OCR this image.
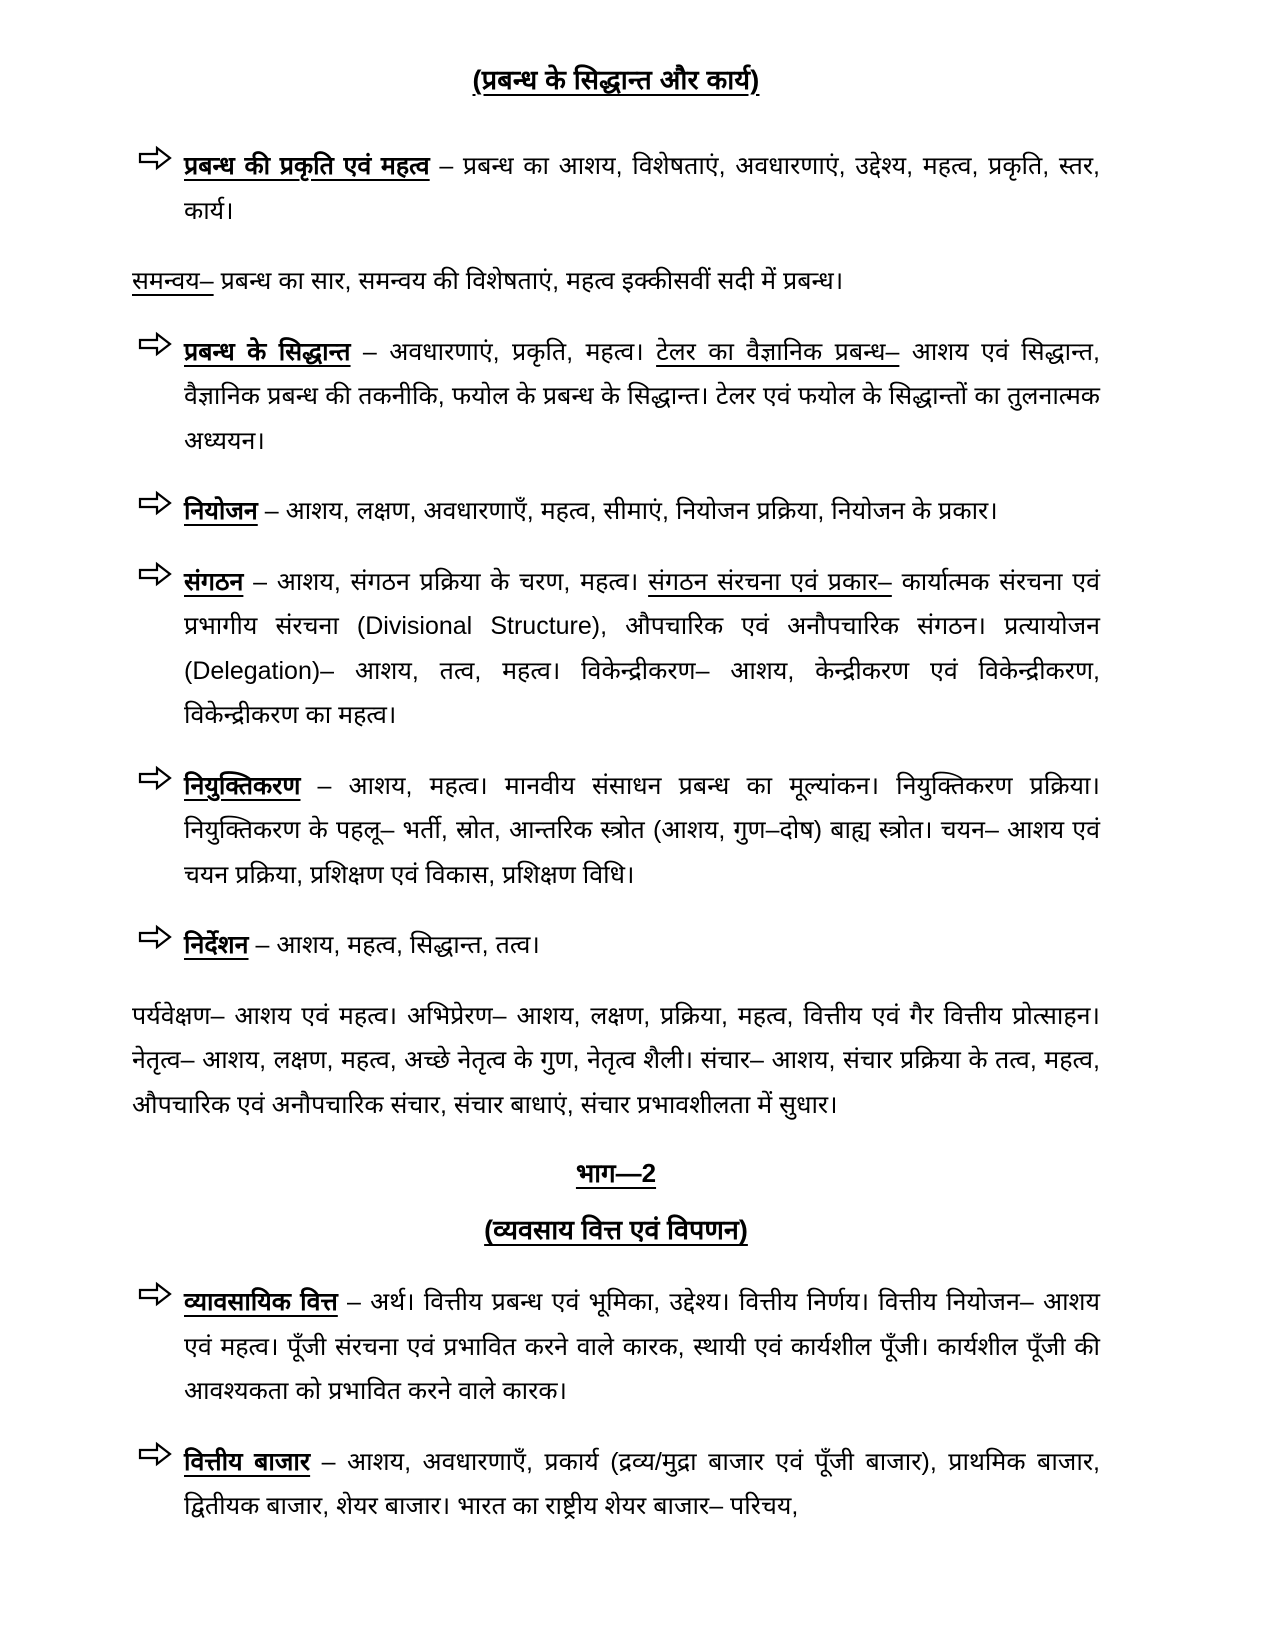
(प्रबन्ध के सिद्धान्त और कार्य)

प्रबन्ध की प्रकृति एवं महत्व – प्रबन्ध का आशय, विशेषताएं, अवधारणाएं, उद्देश्य, महत्व, प्रकृति, स्तर, कार्य।

समन्वय– प्रबन्ध का सार, समन्वय की विशेषताएं, महत्व इक्कीसवीं सदी में प्रबन्ध।

प्रबन्ध के सिद्धान्त – अवधारणाएं, प्रकृति, महत्व। टेलर का वैज्ञानिक प्रबन्ध– आशय एवं सिद्धान्त, वैज्ञानिक प्रबन्ध की तकनीकि, फयोल के प्रबन्ध के सिद्धान्त। टेलर एवं फयोल के सिद्धान्तों का तुलनात्मक अध्ययन।

नियोजन – आशय, लक्षण, अवधारणाएँ, महत्व, सीमाएं, नियोजन प्रक्रिया, नियोजन के प्रकार।

संगठन – आशय, संगठन प्रक्रिया के चरण, महत्व। संगठन संरचना एवं प्रकार– कार्यात्मक संरचना एवं प्रभागीय संरचना (Divisional Structure), औपचारिक एवं अनौपचारिक संगठन। प्रत्यायोजन (Delegation)– आशय, तत्व, महत्व। विकेन्द्रीकरण– आशय, केन्द्रीकरण एवं विकेन्द्रीकरण, विकेन्द्रीकरण का महत्व।

नियुक्तिकरण – आशय, महत्व। मानवीय संसाधन प्रबन्ध का मूल्यांकन। नियुक्तिकरण प्रक्रिया। नियुक्तिकरण के पहलू– भर्ती, स्रोत, आन्तरिक स्त्रोत (आशय, गुण–दोष) बाह्य स्त्रोत। चयन– आशय एवं चयन प्रक्रिया, प्रशिक्षण एवं विकास, प्रशिक्षण विधि।

निर्देशन – आशय, महत्व, सिद्धान्त, तत्व।

पर्यवेक्षण– आशय एवं महत्व। अभिप्रेरण– आशय, लक्षण, प्रक्रिया, महत्व, वित्तीय एवं गैर वित्तीय प्रोत्साहन। नेतृत्व– आशय, लक्षण, महत्व, अच्छे नेतृत्व के गुण, नेतृत्व शैली। संचार– आशय, संचार प्रक्रिया के तत्व, महत्व, औपचारिक एवं अनौपचारिक संचार, संचार बाधाएं, संचार प्रभावशीलता में सुधार।

भाग—2
(व्यवसाय वित्त एवं विपणन)

व्यावसायिक वित्त – अर्थ। वित्तीय प्रबन्ध एवं भूमिका, उद्देश्य। वित्तीय निर्णय। वित्तीय नियोजन– आशय एवं महत्व। पूँजी संरचना एवं प्रभावित करने वाले कारक, स्थायी एवं कार्यशील पूँजी। कार्यशील पूँजी की आवश्यकता को प्रभावित करने वाले कारक।

वित्तीय बाजार – आशय, अवधारणाएँ, प्रकार्य (द्रव्य/मुद्रा बाजार एवं पूँजी बाजार), प्राथमिक बाजार, द्वितीयक बाजार, शेयर बाजार। भारत का राष्ट्रीय शेयर बाजार– परिचय,
